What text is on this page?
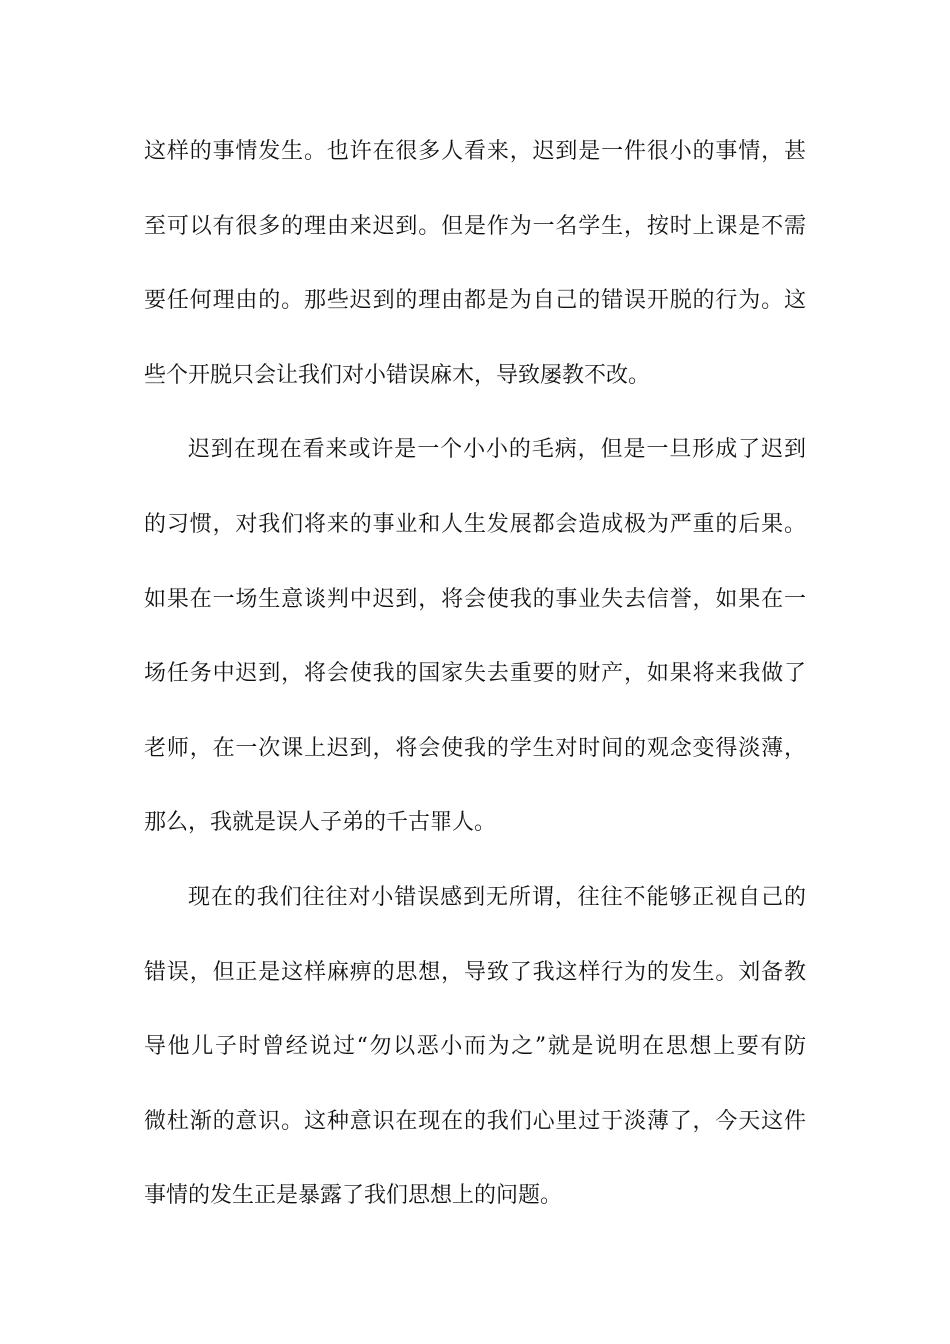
这样的事情发生。也许在很多人看来，迟到是一件很小的事情，甚
至可以有很多的理由来迟到。但是作为一名学生，按时上课是不需
要任何理由的。那些迟到的理由都是为自己的错误开脱的行为。这
些个开脱只会让我们对小错误麻木，导致屡教不改。
迟到在现在看来或许是一个小小的毛病，但是一旦形成了迟到
的习惯，对我们将来的事业和人生发展都会造成极为严重的后果。
如果在一场生意谈判中迟到，将会使我的事业失去信誉，如果在一
场任务中迟到，将会使我的国家失去重要的财产，如果将来我做了
老师，在一次课上迟到，将会使我的学生对时间的观念变得淡薄，
那么，我就是误人子弟的千古罪人。
现在的我们往往对小错误感到无所谓，往往不能够正视自己的
错误，但正是这样麻痹的思想，导致了我这样行为的发生。刘备教
导他儿子时曾经说过“勿以恶小而为之”就是说明在思想上要有防
微杜渐的意识。这种意识在现在的我们心里过于淡薄了，今天这件
事情的发生正是暴露了我们思想上的问题。
